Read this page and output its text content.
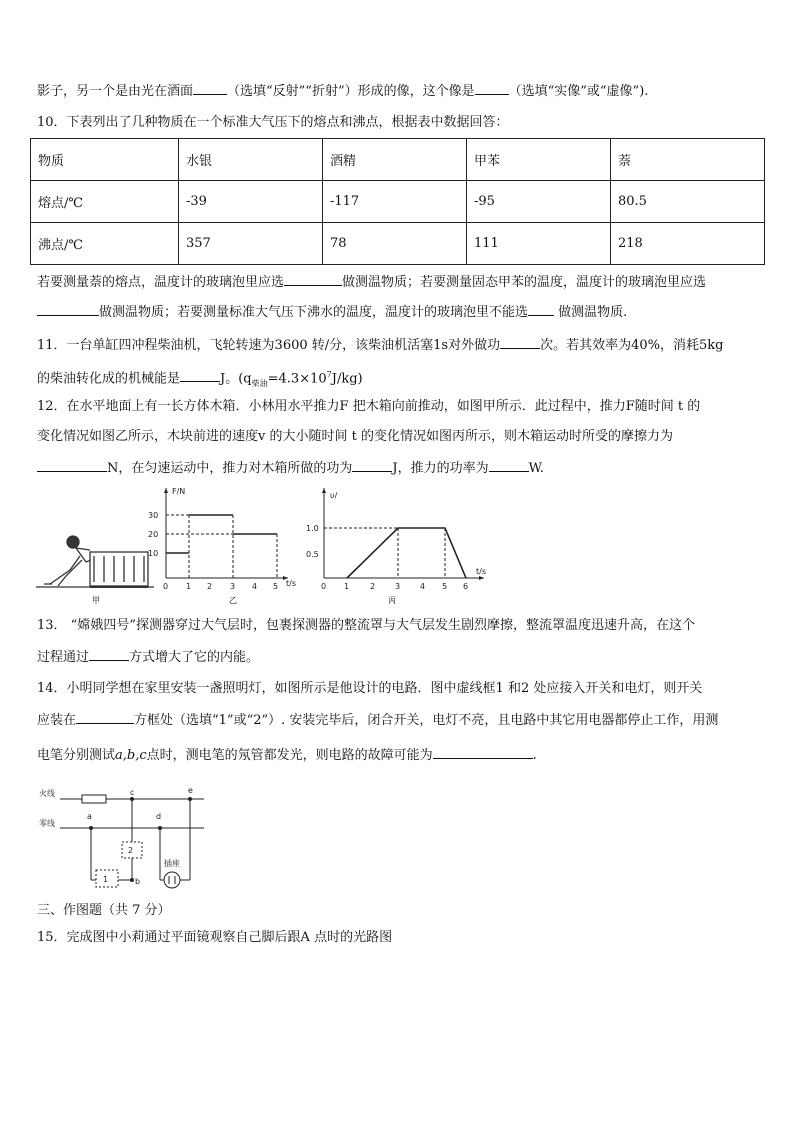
影子，另一个是由光在酒面	（选填“反射”“折射”）形成的像，这个像是	（选填“实像”或“虚像”).
10．下表列出了几种物质在一个标准大气压下的熔点和沸点，根据表中数据回答：
物质	水银	酒精	甲苯	萘
熔点/℃	-39	-117	-95	80.5
沸点/℃	357	78	111	218
若要测量萘的熔点，温度计的玻璃泡里应选	做测温物质；若要测量固态甲苯的温度，温度计的玻璃泡里应选
做测温物质；若要测量标准大气压下沸水的温度，温度计的玻璃泡里不能选 做测温物质.
11．一台单缸四冲程柴油机，飞轮转速为3600 转/分，该柴油机活塞1s对外做功	次。若其效率为40%，消耗5kg
的柴油转化成的机械能是	J。$(q_{柴油}=4.3\times 10^7J/kg)$
12．在水平地面上有一长方体木箱．小林用水平推力F 把木箱向前推动，如图甲所示．此过程中，推力F随时间 t 的
变化情况如图乙所示，木块前进的速度v 的大小随时间 t 的变化情况如图丙所示，则木箱运动时所受的摩擦力为
N，在匀速运动中，推力对木箱所做的功为	J，推力的功率为	W.
甲
F/N
t/s
10
20
30
0 1 2 3 4 5
乙
υ/
t/s
0.5
1.0
0 1	2 3 4 5 6
丙
13． “嫦娥四号”探测器穿过大气层时，包裹探测器的整流罩与大气层发生剧烈摩擦，整流罩温度迅速升高，在这个
过程通过	方式增大了它的内能。
14．小明同学想在家里安装一盏照明灯，如图所示是他设计的电路．图中虚线框1 和2 处应接入开关和电灯，则开关
应装在	方框处（选填“1”或“2”）. 安装完毕后，闭合开关，电灯不亮，且电路中其它用电器都停止工作，用测
电笔分别测试a,b,c点时，测电笔的氖管都发光，则电路的故障可能为	.
火线
零线
a
b
c
d
e
1
2
插座
三、作图题（共 7 分）
15．完成图中小莉通过平面镜观察自己脚后跟A 点时的光路图
